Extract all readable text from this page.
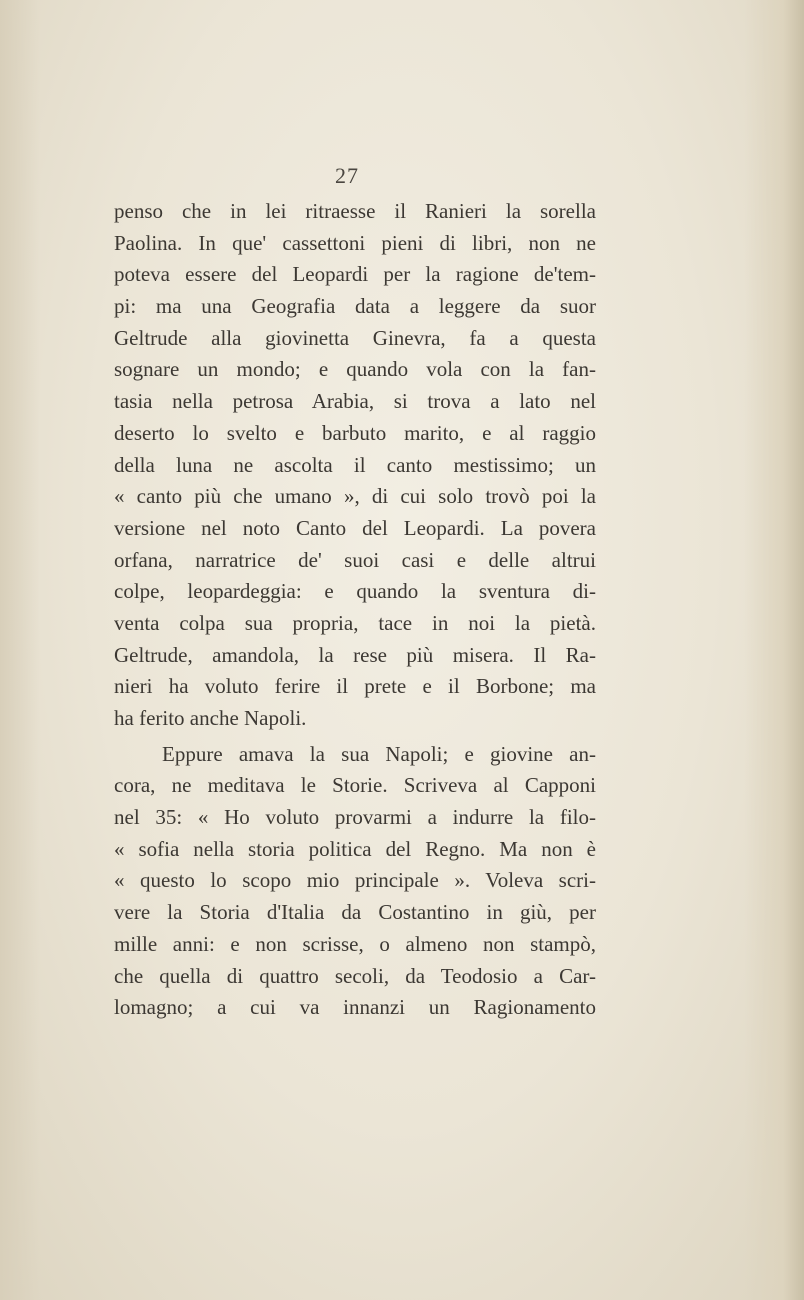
27
penso che in lei ritraesse il Ranieri la sorella
Paolina. In que' cassettoni pieni di libri, non ne
poteva essere del Leopardi per la ragione de'tem-
pi: ma una Geografia data a leggere da suor
Geltrude alla giovinetta Ginevra, fa a questa
sognare un mondo; e quando vola con la fan-
tasia nella petrosa Arabia, si trova a lato nel
deserto lo svelto e barbuto marito, e al raggio
della luna ne ascolta il canto mestissimo; un
« canto più che umano », di cui solo trovò poi la
versione nel noto Canto del Leopardi. La povera
orfana, narratrice de' suoi casi e delle altrui
colpe, leopardeggia: e quando la sventura di-
venta colpa sua propria, tace in noi la pietà.
Geltrude, amandola, la rese più misera. Il Ra-
nieri ha voluto ferire il prete e il Borbone; ma
ha ferito anche Napoli.
Eppure amava la sua Napoli; e giovine an-
cora, ne meditava le Storie. Scriveva al Capponi
nel 35: « Ho voluto provarmi a indurre la filo-
« sofia nella storia politica del Regno. Ma non è
« questo lo scopo mio principale ». Voleva scri-
vere la Storia d'Italia da Costantino in giù, per
mille anni: e non scrisse, o almeno non stampò,
che quella di quattro secoli, da Teodosio a Car-
lomagno; a cui va innanzi un Ragionamento
